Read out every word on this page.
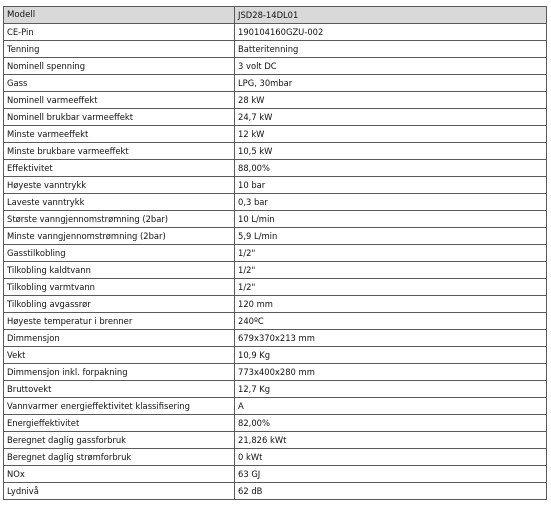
Modell	JSD28-14DL01
CE-Pin	190104160GZU-002
Tenning	Batteritenning
Nominell spenning	3 volt DC
Gass	LPG, 30mbar
Nominell varmeeffekt	28 kW
Nominell brukbar varmeeffekt	24,7 kW
Minste varmeeffekt	12 kW
Minste brukbare varmeeffekt	10,5 kW
Effektivitet	88,00%
Høyeste vanntrykk	10 bar
Laveste vanntrykk	0,3 bar
Største vanngjennomstrømning (2bar)	10 L/min
Minste vanngjennomstrømning (2bar)	5,9 L/min
Gasstilkobling	1/2"
Tilkobling kaldtvann	1/2"
Tilkobling varmtvann	1/2"
Tilkobling avgassrør	120 mm
Høyeste temperatur i brenner	240ºC
Dimmensjon	679x370x213 mm
Vekt	10,9 Kg
Dimmensjon inkl. forpakning	773x400x280 mm
Bruttovekt	12,7 Kg
Vannvarmer energieffektivitet klassifisering	A
Energieffektivitet	82,00%
Beregnet daglig gassforbruk	21,826 kWt
Beregnet daglig strømforbruk	0 kWt
NOx	63 GJ
Lydnivå	62 dB
